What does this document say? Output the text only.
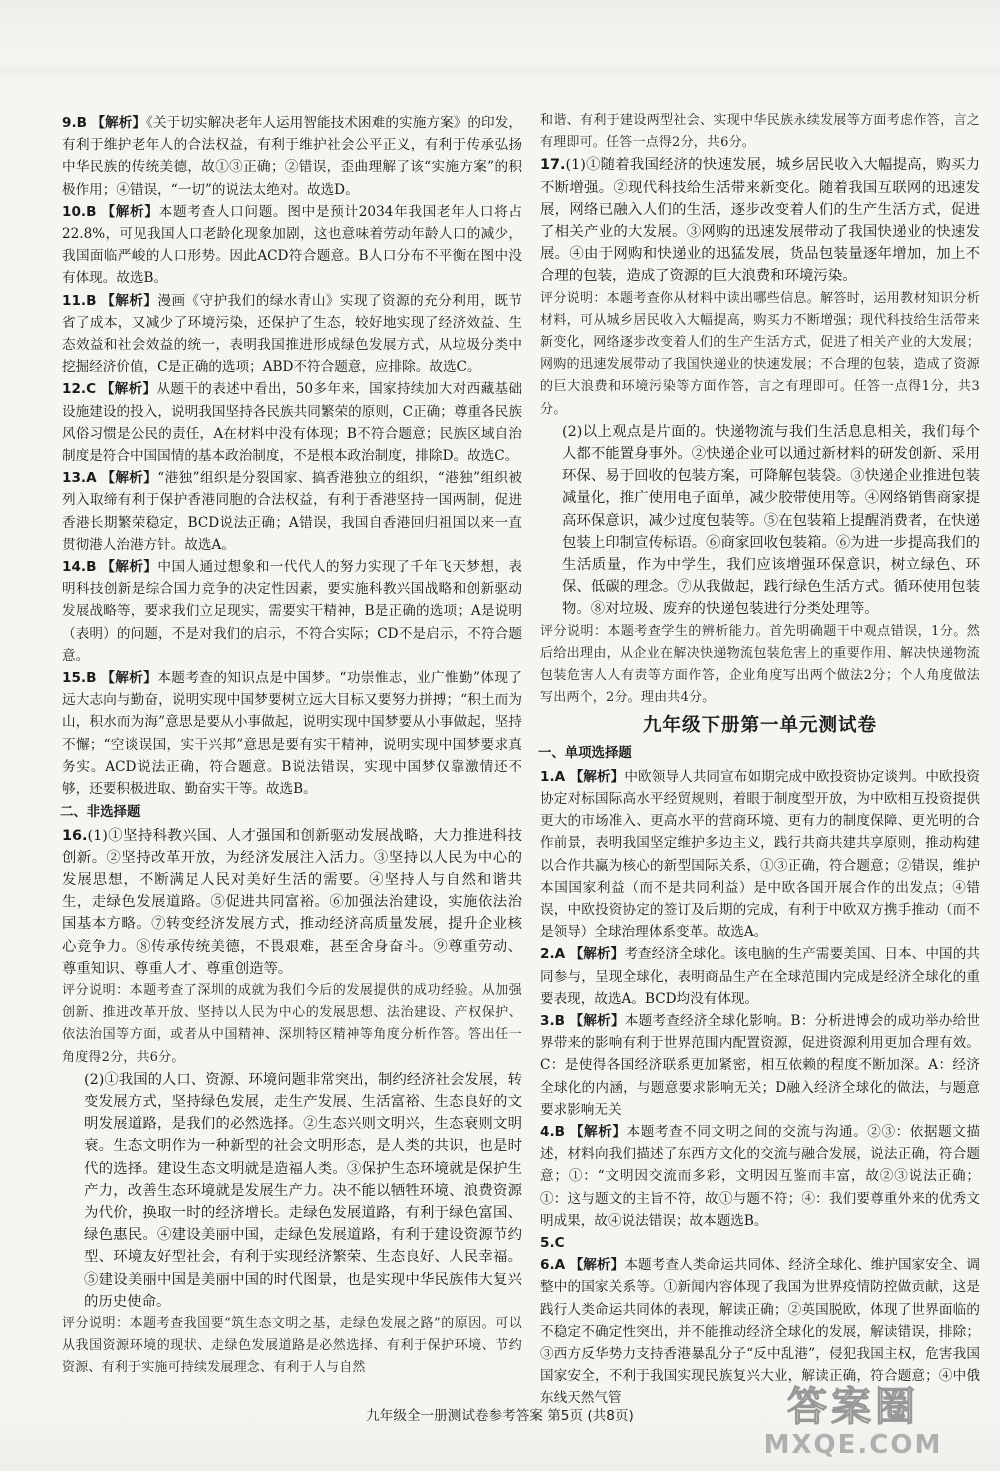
9.B 【解析】《关于切实解决老年人运用智能技术困难的实施方案》的印发，有利于维护老年人的合法权益，有利于维护社会公平正义，有利于传承弘扬中华民族的传统美德，故①③正确；②错误，歪曲理解了该“实施方案”的积极作用；④错误，“一切”的说法太绝对。故选D。

10.B 【解析】本题考查人口问题。图中是预计2034年我国老年人口将占22.8%，可见我国人口老龄化现象加剧，这也意味着劳动年龄人口的减少，我国面临严峻的人口形势。因此ACD符合题意。B人口分布不平衡在图中没有体现。故选B。

11.B 【解析】漫画《守护我们的绿水青山》实现了资源的充分利用，既节省了成本，又减少了环境污染，还保护了生态，较好地实现了经济效益、生态效益和社会效益的统一，表明我国推进形成绿色发展方式，从垃圾分类中挖掘经济价值，C是正确的选项；ABD不符合题意，应排除。故选C。

12.C 【解析】从题干的表述中看出，50多年来，国家持续加大对西藏基础设施建设的投入，说明我国坚持各民族共同繁荣的原则，C正确；尊重各民族风俗习惯是公民的责任，A在材料中没有体现；B不符合题意；民族区域自治制度是符合中国国情的基本政治制度，不是根本政治制度，排除D。故选C。

13.A 【解析】“港独”组织是分裂国家、搞香港独立的组织，“港独”组织被列入取缔有利于保护香港同胞的合法权益，有利于香港坚持一国两制，促进香港长期繁荣稳定，BCD说法正确；A错误，我国自香港回归祖国以来一直贯彻港人治港方针。故选A。

14.B 【解析】中国人通过想象和一代代人的努力实现了千年飞天梦想，表明科技创新是综合国力竞争的决定性因素，要实施科教兴国战略和创新驱动发展战略等，要求我们立足现实，需要实干精神，B是正确的选项；A是说明（表明）的问题，不是对我们的启示，不符合实际；CD不是启示，不符合题意。

15.B 【解析】本题考查的知识点是中国梦。“功崇惟志，业广惟勤”体现了远大志向与勤奋，说明实现中国梦要树立远大目标又要努力拼搏；“积土而为山，积水而为海”意思是要从小事做起，说明实现中国梦要从小事做起，坚持不懈；“空谈误国，实干兴邦”意思是要有实干精神，说明实现中国梦要求真务实。ACD说法正确，符合题意。B说法错误，实现中国梦仅靠激情还不够，还要积极进取、勤奋实干等。故选B。

二、非选择题

16.(1)①坚持科教兴国、人才强国和创新驱动发展战略，大力推进科技创新。②坚持改革开放，为经济发展注入活力。③坚持以人民为中心的发展思想，不断满足人民对美好生活的需要。④坚持人与自然和谐共生，走绿色发展道路。⑤促进共同富裕。⑥加强法治建设，实施依法治国基本方略。⑦转变经济发展方式，推动经济高质量发展，提升企业核心竞争力。⑧传承传统美德，不畏艰难，甚至舍身奋斗。⑨尊重劳动、尊重知识、尊重人才、尊重创造等。

评分说明：本题考查了深圳的成就为我们今后的发展提供的成功经验。从加强创新、推进改革开放、坚持以人民为中心的发展思想、法治建设、产权保护、依法治国等方面，或者从中国精神、深圳特区精神等角度分析作答。答出任一角度得2分，共6分。

(2)①我国的人口、资源、环境问题非常突出，制约经济社会发展，转变发展方式，坚持绿色发展，走生产发展、生活富裕、生态良好的文明发展道路，是我们的必然选择。②生态兴则文明兴，生态衰则文明衰。生态文明作为一种新型的社会文明形态，是人类的共识，也是时代的选择。建设生态文明就是造福人类。③保护生态环境就是保护生产力，改善生态环境就是发展生产力。决不能以牺牲环境、浪费资源为代价，换取一时的经济增长。走绿色发展道路，有利于绿色富国、绿色惠民。④建设美丽中国，走绿色发展道路，有利于建设资源节约型、环境友好型社会，有利于实现经济繁荣、生态良好、人民幸福。⑤建设美丽中国是美丽中国的时代图景，也是实现中华民族伟大复兴的历史使命。

评分说明：本题考查我国要“筑生态文明之基，走绿色发展之路”的原因。可以从我国资源环境的现状、走绿色发展道路是必然选择、有利于保护环境、节约资源、有利于实施可持续发展理念、有利于人与自然

和谐、有利于建设两型社会、实现中华民族永续发展等方面考虑作答，言之有理即可。任答一点得2分，共6分。

17.(1)①随着我国经济的快速发展，城乡居民收入大幅提高，购买力不断增强。②现代科技给生活带来新变化。随着我国互联网的迅速发展，网络已融入人们的生活，逐步改变着人们的生产生活方式，促进了相关产业的大发展。③网购的迅速发展带动了我国快递业的快速发展。④由于网购和快递业的迅猛发展，货品包装量逐年增加，加上不合理的包装，造成了资源的巨大浪费和环境污染。

评分说明：本题考查你从材料中读出哪些信息。解答时，运用教材知识分析材料，可从城乡居民收入大幅提高，购买力不断增强；现代科技给生活带来新变化，网络逐步改变着人们的生产生活方式，促进了相关产业的大发展；网购的迅速发展带动了我国快递业的快速发展；不合理的包装，造成了资源的巨大浪费和环境污染等方面作答，言之有理即可。任答一点得1分，共3分。

(2)以上观点是片面的。快递物流与我们生活息息相关，我们每个人都不能置身事外。②快递企业可以通过新材料的研发创新、采用环保、易于回收的包装方案，可降解包装袋。③快递企业推进包装减量化，推广使用电子面单，减少胶带使用等。④网络销售商家提高环保意识，减少过度包装等。⑤在包装箱上提醒消费者，在快递包装上印制宣传标语。⑥商家回收包装箱。⑥为进一步提高我们的生活质量，作为中学生，我们应该增强环保意识，树立绿色、环保、低碳的理念。⑦从我做起，践行绿色生活方式。循环使用包装物。⑧对垃圾、废弃的快递包装进行分类处理等。

评分说明：本题考查学生的辨析能力。首先明确题干中观点错误，1分。然后给出理由，从企业在解决快递物流包装危害上的重要作用、解决快递物流包装危害人人有责等方面作答，企业角度写出两个做法2分；个人角度做法写出两个，2分。理由共4分。

九年级下册第一单元测试卷

一、单项选择题

1.A 【解析】中欧领导人共同宣布如期完成中欧投资协定谈判。中欧投资协定对标国际高水平经贸规则，着眼于制度型开放，为中欧相互投资提供更大的市场准入、更高水平的营商环境、更有力的制度保障、更光明的合作前景，表明我国坚定维护多边主义，践行共商共建共享原则，推动构建以合作共赢为核心的新型国际关系，①③正确，符合题意；②错误，维护本国国家利益（而不是共同利益）是中欧各国开展合作的出发点；④错误，中欧投资协定的签订及后期的完成，有利于中欧双方携手推动（而不是领导）全球治理体系变革。故选A。

2.A 【解析】考查经济全球化。该电脑的生产需要美国、日本、中国的共同参与，呈现全球化，表明商品生产在全球范围内完成是经济全球化的重要表现，故选A。BCD均没有体现。

3.B 【解析】本题考查经济全球化影响。B：分析进博会的成功举办给世界带来的影响有利于世界范围内配置资源，促进资源利用更加合理有效。C：是使得各国经济联系更加紧密，相互依赖的程度不断加深。A：经济全球化的内涵，与题意要求影响无关；D融入经济全球化的做法，与题意要求影响无关

4.B 【解析】本题考查不同文明之间的交流与沟通。②③：依据题文描述，材料向我们描述了东西方文化的交流与融合发展，说法正确，符合题意；①：“文明因交流而多彩，文明因互鉴而丰富，故②③说法正确；①：这与题文的主旨不符，故①与题不符；④：我们要尊重外来的优秀文明成果，故④说法错误；故本题选B。

5.C

6.A 【解析】本题考查人类命运共同体、经济全球化、维护国家安全、调整中的国家关系等。①新闻内容体现了我国为世界疫情防控做贡献，这是践行人类命运共同体的表现，解读正确；②英国脱欧，体现了世界面临的不稳定不确定性突出，并不能推动经济全球化的发展，解读错误，排除；③西方反华势力支持香港暴乱分子“反中乱港”，侵犯我国主权，危害我国国家安全，不利于我国实现民族复兴大业，解读正确，符合题意；④中俄东线天然气管

九年级全一册测试卷参考答案 第5页 (共8页)	答案圈
MXQE.COM
